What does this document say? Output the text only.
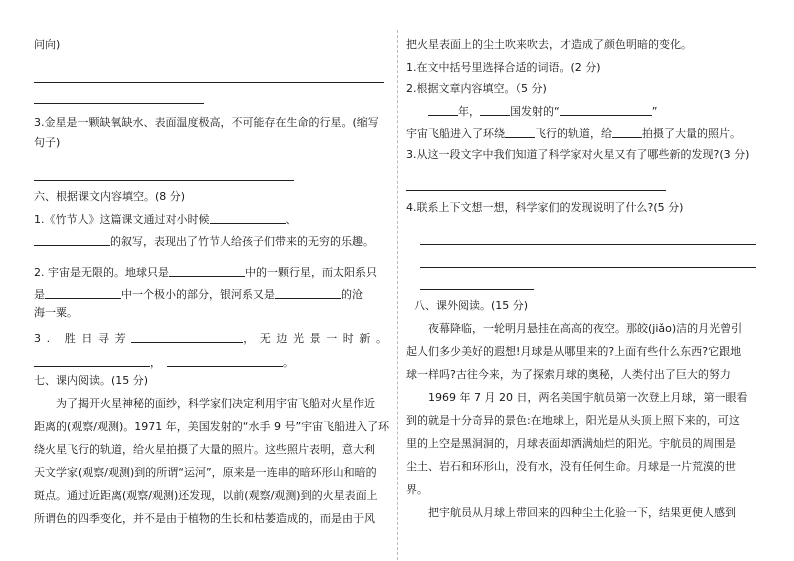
问向)
3.金星是一颗缺氧缺水、表面温度极高，不可能存在生命的行星。(缩写
句子)
六、根据课文内容填空。(8 分)
1.《竹节人》这篇课文通过对小时候	、
的叙写，表现出了竹节人给孩子们带来的无穷的乐趣。
2. 宇宙是无限的。地球只是	中的一颗行星，而太阳系只
是	中一个极小的部分，银河系又是	的沧
海一粟。
3. 胜日寻芳	，无边光景一时新。
，	。
七、课内阅读。(15 分)
为了揭开火星神秘的面纱，科学家们决定利用宇宙飞船对火星作近
距离的(观察/观测)。1971 年，美国发射的“水手 9 号”宇宙飞船进入了环
绕火星飞行的轨道，给火星拍摄了大量的照片。这些照片表明，意大利
天文学家(观察/观测)到的所谓“运河”，原来是一连串的暗环形山和暗的
斑点。通过近距离(观察/观测)还发现，以前(观察/观测)到的火星表面上
所谓色的四季变化，并不是由于植物的生长和枯萎造成的，而是由于风
把火星表面上的尘土吹来吹去，才造成了颜色明暗的变化。
1.在文中括号里选择合适的词语。(2 分)
2.根据文章内容填空。（5 分)
年，	国发射的“	”
宇宙飞船进入了环绕	飞行的轨道，给	拍摄了大量的照片。
3.从这一段文字中我们知道了科学家对火星又有了哪些新的发现?(3 分)
4.联系上下文想一想，科学家们的发现说明了什么?(5 分)
八、课外阅读。(15 分)
夜幕降临，一轮明月悬挂在高高的夜空。那皎(jiǎo)洁的月光曾引
起人们多少美好的遐想!月球是从哪里来的?上面有些什么东西?它跟地
球一样吗?古往今来，为了探索月球的奥秘，人类付出了巨大的努力
1969 年 7 月 20 日，两名美国宇航员第一次登上月球，第一眼看
到的就是十分奇异的景色:在地球上，阳光是从头顶上照下来的，可这
里的上空是黑洞洞的，月球表面却洒满灿烂的阳光。宇航员的周围是
尘土、岩石和环形山，没有水，没有任何生命。月球是一片荒漠的世
界。
把宇航员从月球上带回来的四种尘土化验一下，结果更使人感到
